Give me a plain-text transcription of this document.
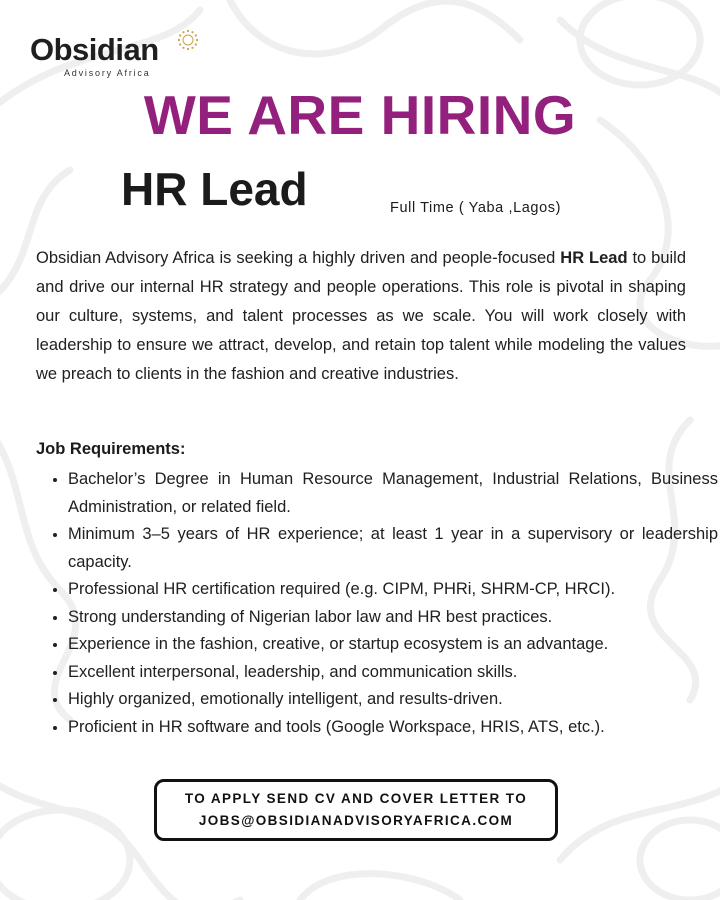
Obsidian
Advisory Africa
WE ARE HIRING
HR Lead	Full Time ( Yaba ,Lagos)

Obsidian Advisory Africa is seeking a highly driven and people-focused HR Lead to build and drive our internal HR strategy and people operations. This role is pivotal in shaping our culture, systems, and talent processes as we scale. You will work closely with leadership to ensure we attract, develop, and retain top talent while modeling the values we preach to clients in the fashion and creative industries.

Job Requirements:
• Bachelor’s Degree in Human Resource Management, Industrial Relations, Business Administration, or related field.
• Minimum 3–5 years of HR experience; at least 1 year in a supervisory or leadership capacity.
• Professional HR certification required (e.g. CIPM, PHRi, SHRM-CP, HRCI).
• Strong understanding of Nigerian labor law and HR best practices.
• Experience in the fashion, creative, or startup ecosystem is an advantage.
• Excellent interpersonal, leadership, and communication skills.
• Highly organized, emotionally intelligent, and results-driven.
• Proficient in HR software and tools (Google Workspace, HRIS, ATS, etc.).
TO APPLY SEND CV AND COVER LETTER TO
JOBS@OBSIDIANADVISORYAFRICA.COM
